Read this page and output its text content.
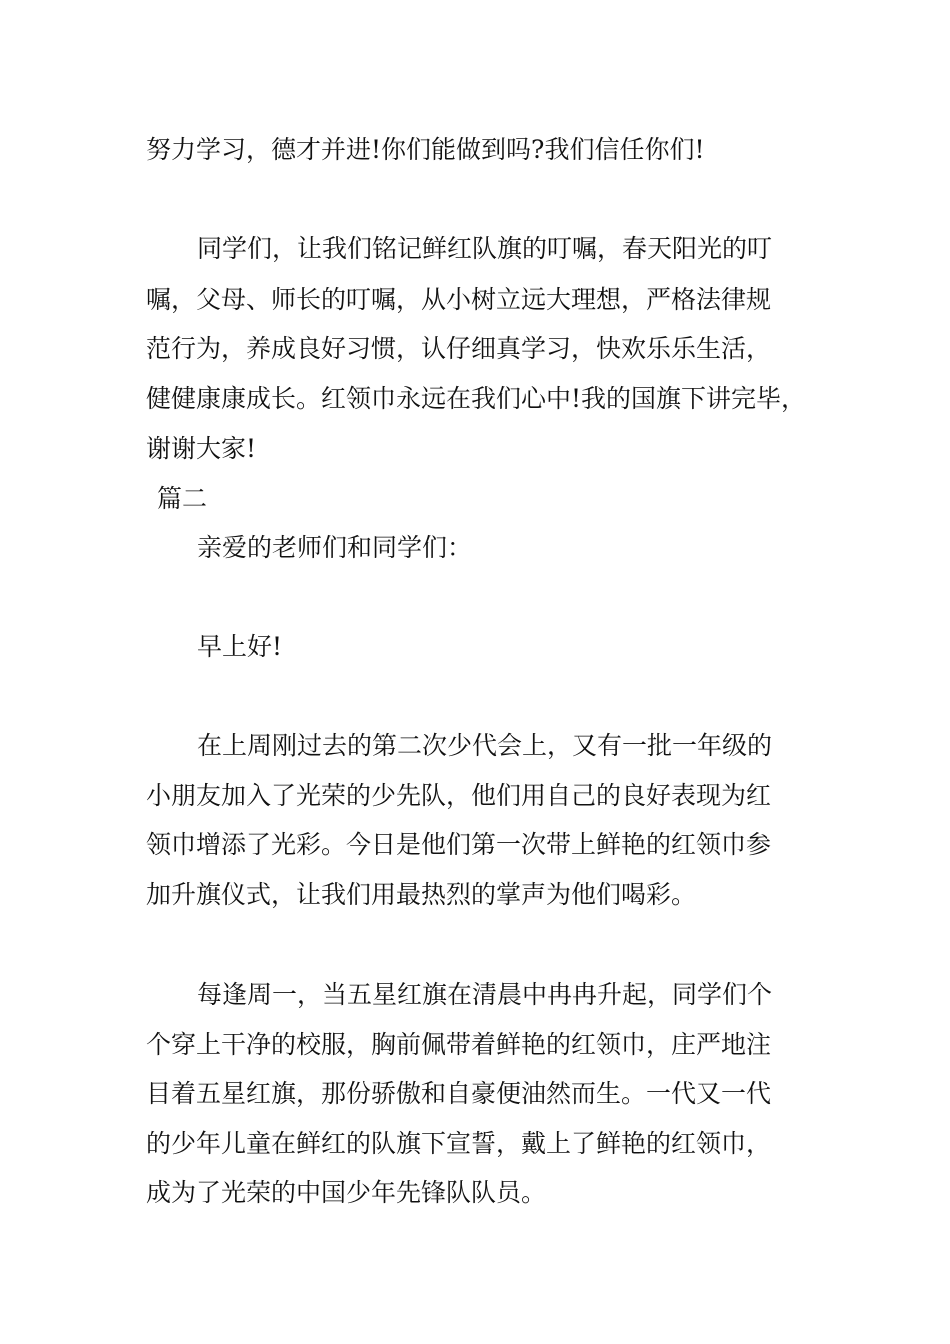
努力学习，德才并进!你们能做到吗?我们信任你们!

同学们，让我们铭记鲜红队旗的叮嘱，春天阳光的叮

嘱，父母、师长的叮嘱，从小树立远大理想，严格法律规

范行为，养成良好习惯，认仔细真学习，快欢乐乐生活，

健健康康成长。红领巾永远在我们心中!我的国旗下讲完毕，

谢谢大家!

篇二

亲爱的老师们和同学们：

早上好!

在上周刚过去的第二次少代会上，又有一批一年级的

小朋友加入了光荣的少先队，他们用自己的良好表现为红

领巾增添了光彩。今日是他们第一次带上鲜艳的红领巾参

加升旗仪式，让我们用最热烈的掌声为他们喝彩。

每逢周一，当五星红旗在清晨中冉冉升起，同学们个

个穿上干净的校服，胸前佩带着鲜艳的红领巾，庄严地注

目着五星红旗，那份骄傲和自豪便油然而生。一代又一代

的少年儿童在鲜红的队旗下宣誓，戴上了鲜艳的红领巾，

成为了光荣的中国少年先锋队队员。
